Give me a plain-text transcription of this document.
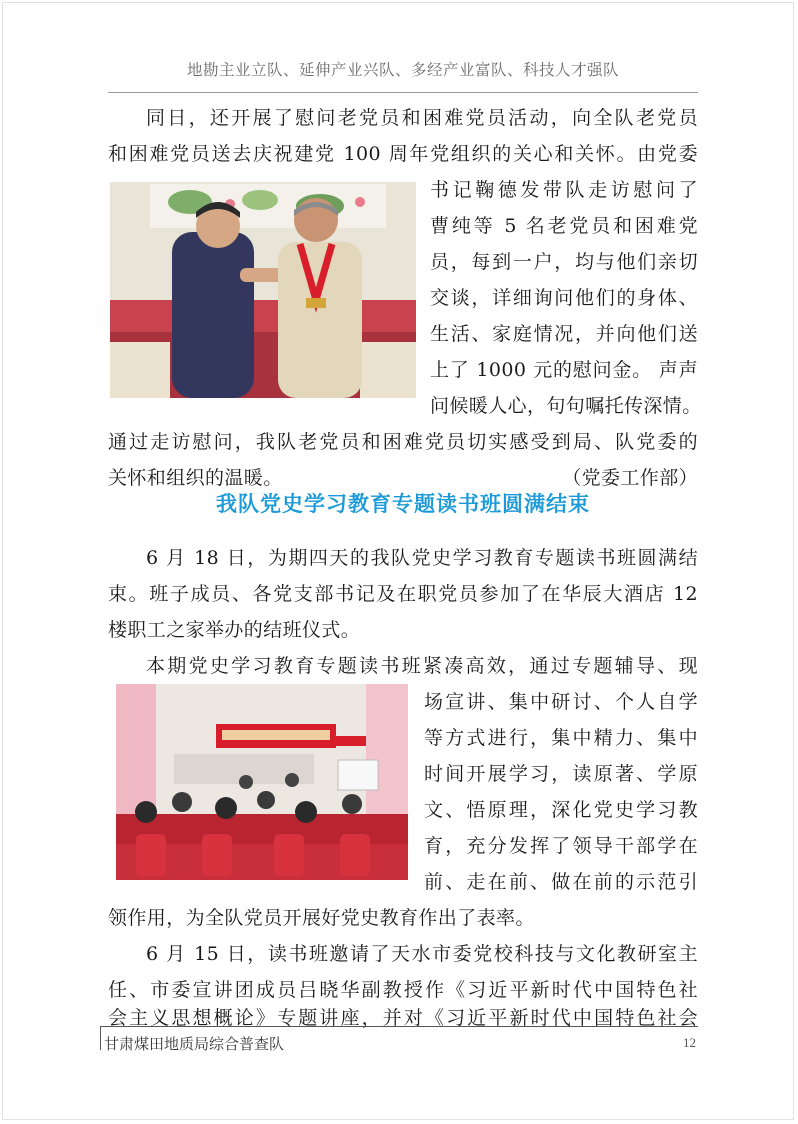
地勘主业立队、延伸产业兴队、多经产业富队、科技人才强队
同日，还开展了慰问老党员和困难党员活动，向全队老党员
和困难党员送去庆祝建党 100 周年党组织的关心和关怀。由党委
书记鞠德发带队走访慰问了
曹纯等 5 名老党员和困难党
员，每到一户，均与他们亲切
交谈，详细询问他们的身体、
生活、家庭情况，并向他们送
上了 1000 元的慰问金。 声声
问候暖人心，句句嘱托传深情。
通过走访慰问，我队老党员和困难党员切实感受到局、队党委的
关怀和组织的温暖。	（党委工作部）
我队党史学习教育专题读书班圆满结束
6 月 18 日，为期四天的我队党史学习教育专题读书班圆满结
束。班子成员、各党支部书记及在职党员参加了在华辰大酒店 12
楼职工之家举办的结班仪式。
本期党史学习教育专题读书班紧凑高效，通过专题辅导、现
场宣讲、集中研讨、个人自学
等方式进行，集中精力、集中
时间开展学习，读原著、学原
文、悟原理，深化党史学习教
育，充分发挥了领导干部学在
前、走在前、做在前的示范引
领作用，为全队党员开展好党史教育作出了表率。
6 月 15 日，读书班邀请了天水市委党校科技与文化教研室主
任、市委宣讲团成员吕晓华副教授作《习近平新时代中国特色社
会主义思想概论》专题讲座，并对《习近平新时代中国特色社会
甘肃煤田地质局综合普查队	12
